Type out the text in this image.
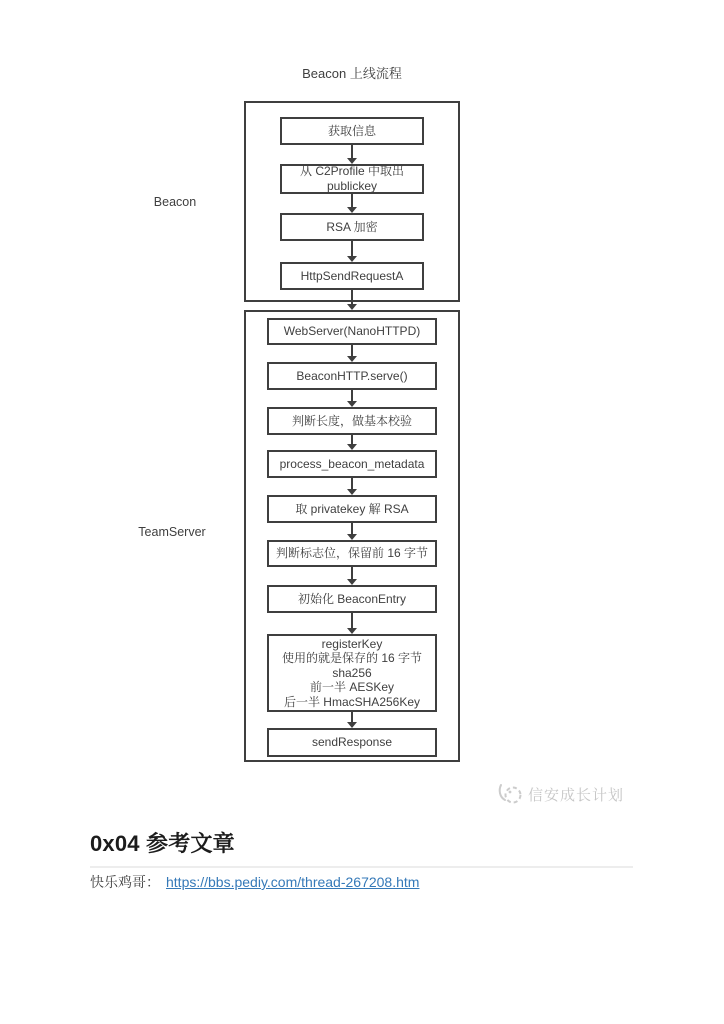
Beacon 上线流程
Beacon
TeamServer
获取信息
从 C2Profile 中取出
publickey
RSA 加密
HttpSendRequestA
WebServer(NanoHTTPD)
BeaconHTTP.serve()
判断长度，做基本校验
process_beacon_metadata
取 privatekey 解 RSA
判断标志位，保留前 16 字节
初始化 BeaconEntry
registerKey
使用的就是保存的 16 字节
sha256
前一半 AESKey
后一半 HmacSHA256Key
sendResponse
信安成长计划
0x04 参考文章

快乐鸡哥： https://bbs.pediy.com/thread-267208.htm
